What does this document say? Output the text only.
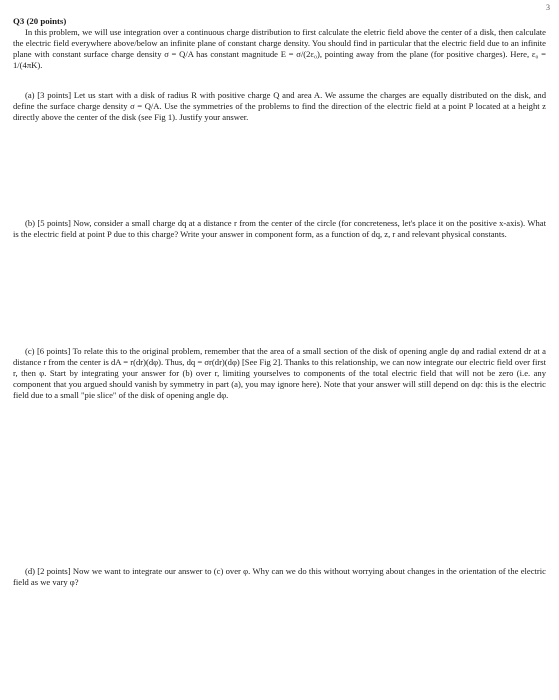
3

Q3 (20 points)

In this problem, we will use integration over a continuous charge distribution to first calculate the eletric field above the center of a disk, then calculate the electric field everywhere above/below an infinite plane of constant charge density. You should find in particular that the electric field due to an infinite plane with constant surface charge density σ = Q/A has constant magnitude E = σ/(2ε₀), pointing away from the plane (for positive charges). Here, ε₀ = 1/(4πK).

(a) [3 points] Let us start with a disk of radius R with positive charge Q and area A. We assume the charges are equally distributed on the disk, and define the surface charge density σ = Q/A. Use the symmetries of the problems to find the direction of the electric field at a point P located at a height z directly above the center of the disk (see Fig 1). Justify your answer.
(b) [5 points] Now, consider a small charge dq at a distance r from the center of the circle (for concreteness, let's place it on the positive x-axis). What is the electric field at point P due to this charge? Write your answer in component form, as a function of dq, z, r and relevant physical constants.
(c) [6 points] To relate this to the original problem, remember that the area of a small section of the disk of opening angle dφ and radial extend dr at a distance r from the center is dA = r(dr)(dφ). Thus, dq = σr(dr)(dφ) [See Fig 2]. Thanks to this relationship, we can now integrate our electric field over first r, then φ. Start by integrating your answer for (b) over r, limiting yourselves to components of the total electric field that will not be zero (i.e. any component that you argued should vanish by symmetry in part (a), you may ignore here). Note that your answer will still depend on dφ: this is the electric field due to a small "pie slice" of the disk of opening angle dφ.
(d) [2 points] Now we want to integrate our answer to (c) over φ. Why can we do this without worrying about changes in the orientation of the electric field as we vary φ?
